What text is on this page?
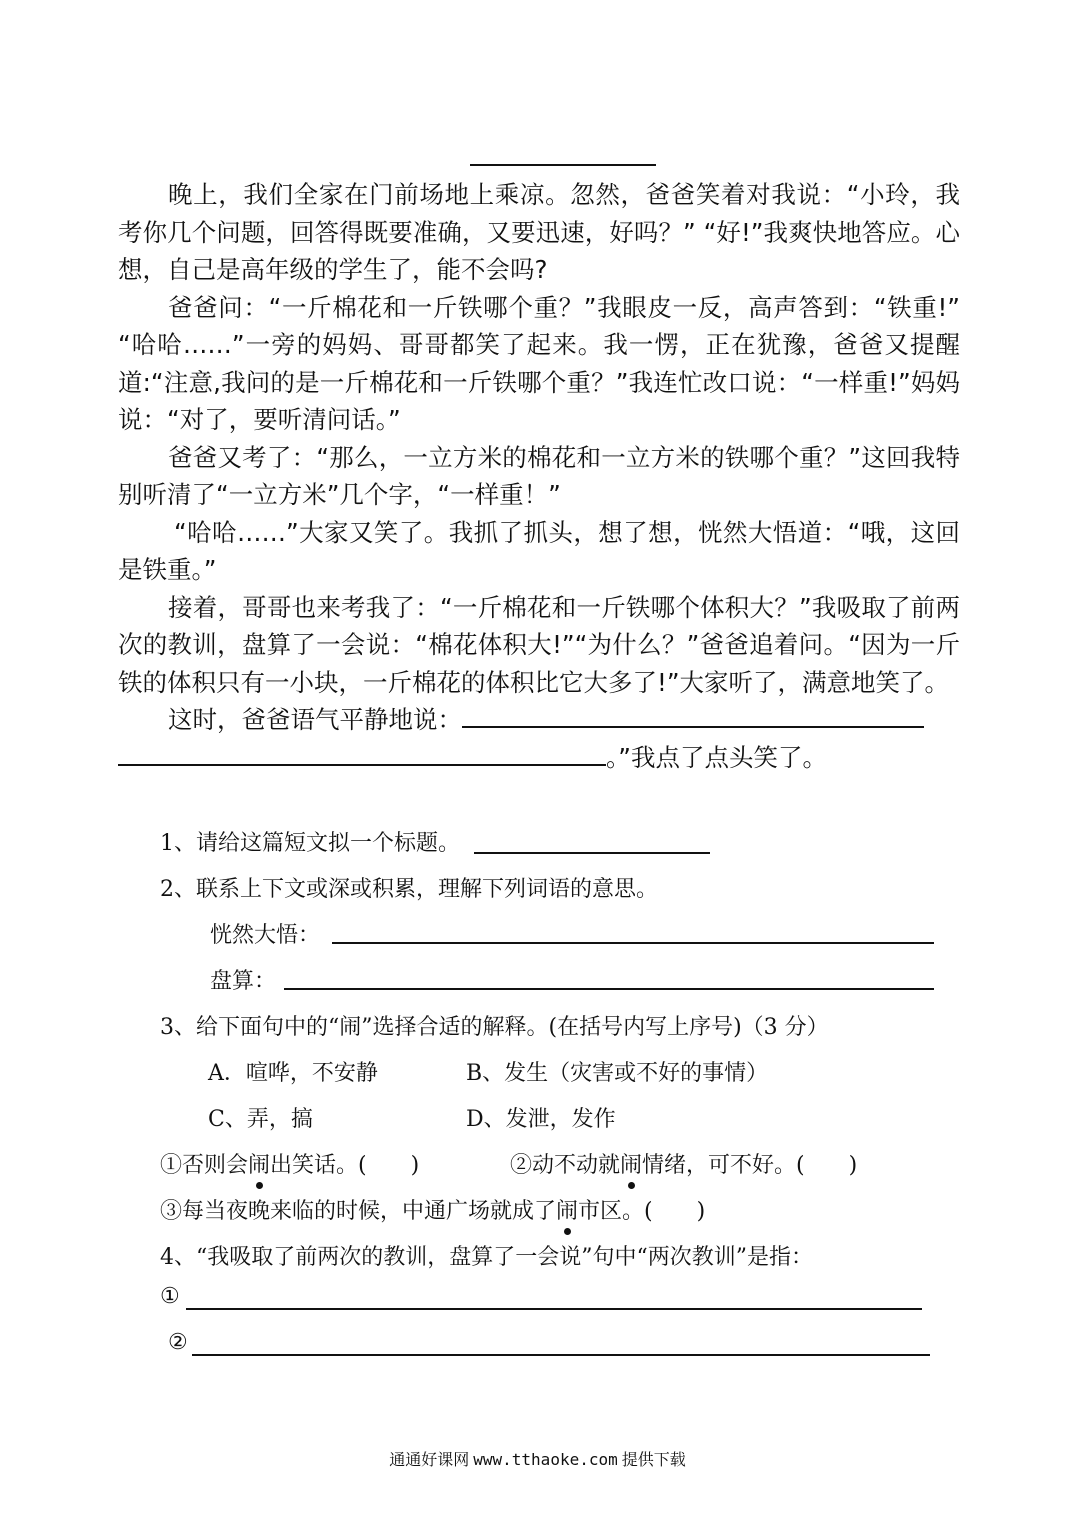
晚上，我们全家在门前场地上乘凉。忽然，爸爸笑着对我说：“小玲，我考你几个问题，回答得既要准确，又要迅速，好吗？” “好!”我爽快地答应。心想，自己是高年级的学生了，能不会吗?

爸爸问：“一斤棉花和一斤铁哪个重？”我眼皮一反，高声答到：“铁重!” “哈哈……”一旁的妈妈、哥哥都笑了起来。我一愣，正在犹豫，爸爸又提醒道:“注意,我问的是一斤棉花和一斤铁哪个重？”我连忙改口说：“一样重!”妈妈说：“对了，要听清问话。”

爸爸又考了：“那么，一立方米的棉花和一立方米的铁哪个重？”这回我特别听清了“一立方米”几个字，“一样重！”

“哈哈……”大家又笑了。我抓了抓头，想了想，恍然大悟道：“哦，这回是铁重。”

接着，哥哥也来考我了：“一斤棉花和一斤铁哪个体积大？”我吸取了前两次的教训，盘算了一会说：“棉花体积大!”“为什么？”爸爸追着问。“因为一斤铁的体积只有一小块，一斤棉花的体积比它大多了!”大家听了，满意地笑了。

这时，爸爸语气平静地说：

。”我点了点头笑了。

1、请给这篇短文拟一个标题。
2、联系上下文或深或积累，理解下列词语的意思。
恍然大悟：
盘算：
3、给下面句中的“闹”选择合适的解释。(在括号内写上序号)（3 分）
A．喧哗，不安静	B、发生（灾害或不好的事情）
C、弄，搞	D、发泄，发作
①否则会闹出笑话。(　　)	②动不动就闹情绪，可不好。(　　)
③每当夜晚来临的时候，中通广场就成了闹市区。(　　)
4、“我吸取了前两次的教训，盘算了一会说”句中“两次教训”是指：
①
②
通通好课网 www.tthaoke.com 提供下载
